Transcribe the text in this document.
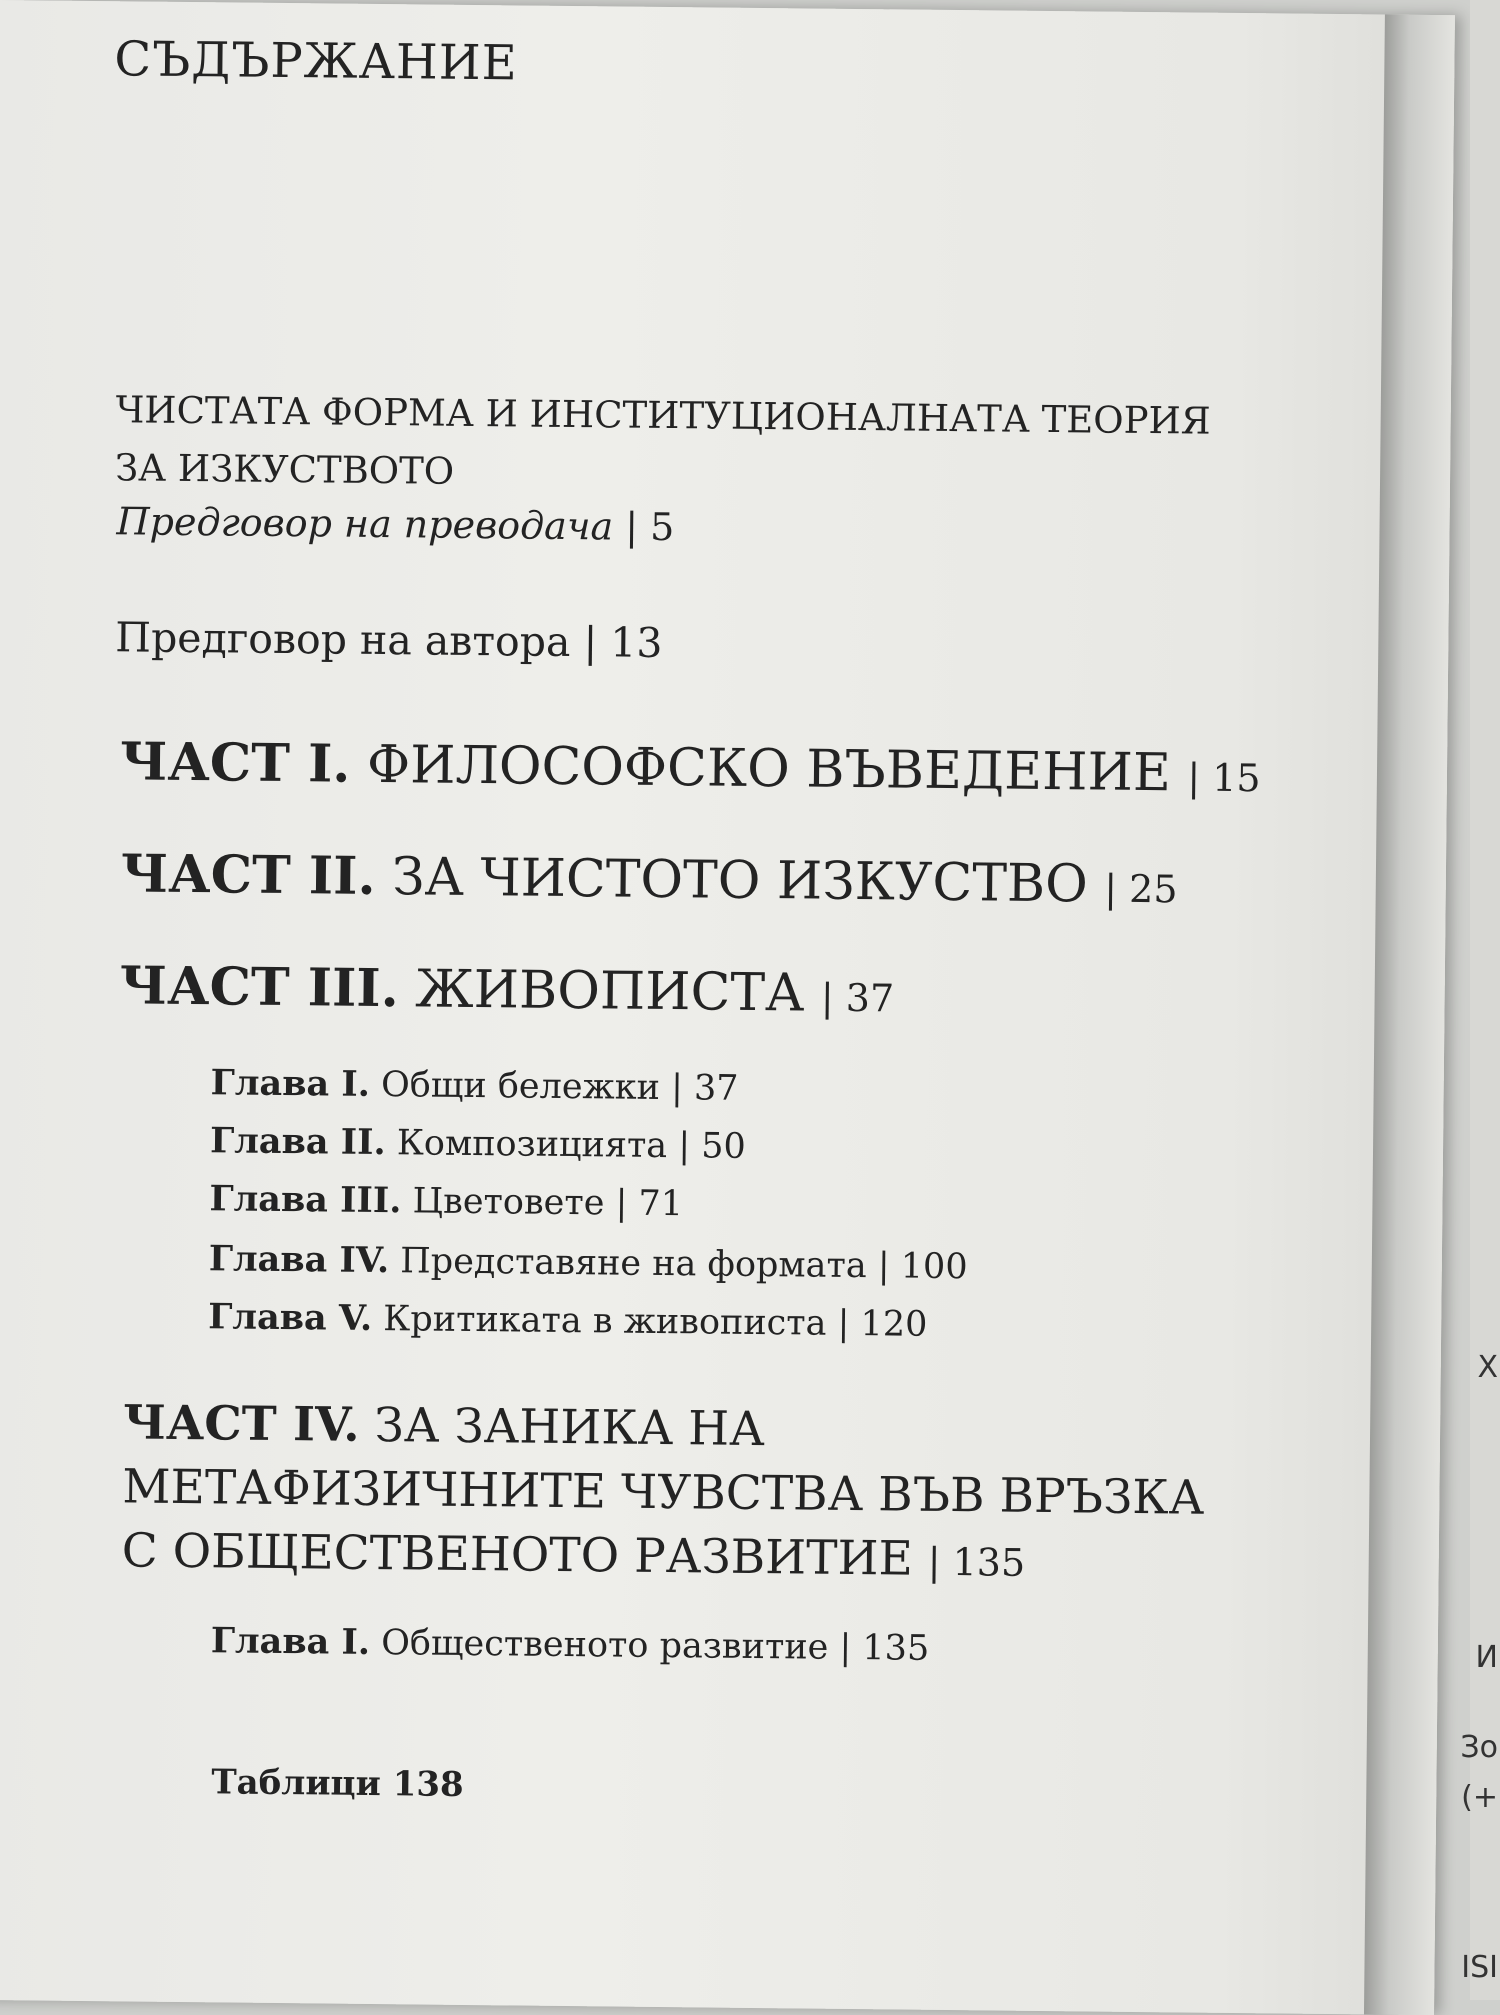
СЪДЪРЖАНИЕ
ЧИСТАТА ФОРМА И ИНСТИТУЦИОНАЛНАТА ТЕОРИЯ
ЗА ИЗКУСТВОТО
Предговор на преводача | 5
Предговор на автора | 13
ЧАСТ I. ФИЛОСОФСКО ВЪВЕДЕНИЕ | 15
ЧАСТ II. ЗА ЧИСТОТО ИЗКУСТВО | 25
ЧАСТ III. ЖИВОПИСТА | 37
Глава I. Общи бележки | 37
Глава II. Композицията | 50
Глава III. Цветовете | 71
Глава IV. Представяне на формата | 100
Глава V. Критиката в живописта | 120
ЧАСТ IV. ЗА ЗАНИКА НА МЕТАФИЗИЧНИТЕ ЧУВСТВА ВЪВ ВРЪЗКА С ОБЩЕСТВЕНОТО РАЗВИТИЕ | 135
Глава I. Общественото развитие | 135
Таблици 138
Х
И
Зо
(+
ISI
